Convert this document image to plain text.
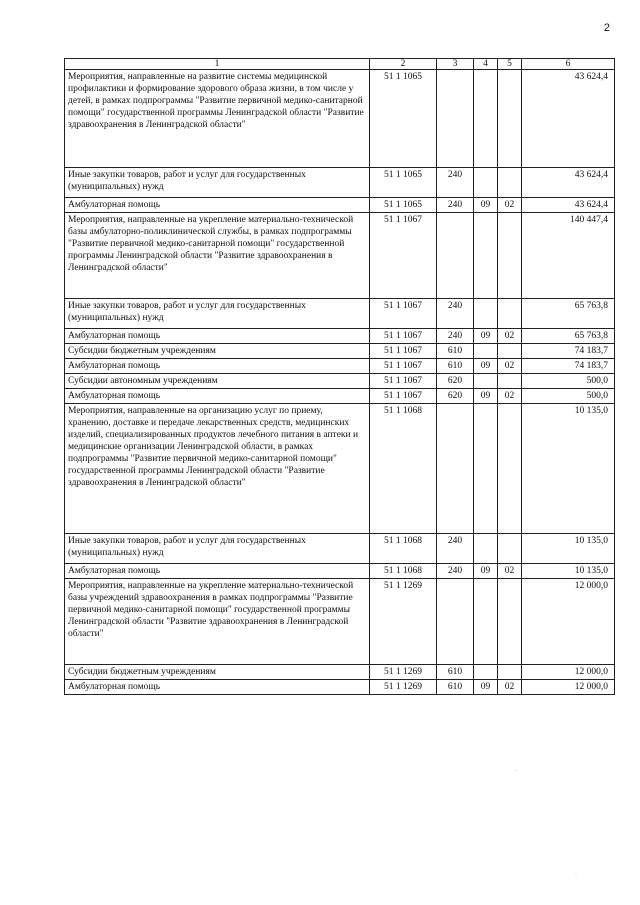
2
1	2	3	4	5	6
Мероприятия, направленные на развитие системы медицинской профилактики и формирование здорового образа жизни, в том числе у детей, в рамках подпрограммы "Развитие первичной медико-санитарной помощи" государственной программы Ленинградской области "Развитие здравоохранения в Ленинградской области"	51 1 1065				43 624,4
Иные закупки товаров, работ и услуг для государственных (муниципальных) нужд	51 1 1065	240			43 624,4
Амбулаторная помощь	51 1 1065	240	09	02	43 624,4
Мероприятия, направленные на укрепление материально-технической базы амбулаторно-поликлинической службы, в рамках подпрограммы "Развитие первичной медико-санитарной помощи" государственной программы Ленинградской области "Развитие здравоохранения в Ленинградской области"	51 1 1067				140 447,4
Иные закупки товаров, работ и услуг для государственных (муниципальных) нужд	51 1 1067	240			65 763,8
Амбулаторная помощь	51 1 1067	240	09	02	65 763,8
Субсидии бюджетным учреждениям	51 1 1067	610			74 183,7
Амбулаторная помощь	51 1 1067	610	09	02	74 183,7
Субсидии автономным учреждениям	51 1 1067	620			500,0
Амбулаторная помощь	51 1 1067	620	09	02	500,0
Мероприятия, направленные на организацию услуг по приему, хранению, доставке и передаче лекарственных средств, медицинских изделий, специализированных продуктов лечебного питания в аптеки и медицинские организации Ленинградской области, в рамках подпрограммы "Развитие первичной медико-санитарной помощи" государственной программы Ленинградской области "Развитие здравоохранения в Ленинградской области"	51 1 1068				10 135,0
Иные закупки товаров, работ и услуг для государственных (муниципальных) нужд	51 1 1068	240			10 135,0
Амбулаторная помощь	51 1 1068	240	09	02	10 135,0
Мероприятия, направленные на укрепление материально-технической базы учреждений здравоохранения в рамках подпрограммы "Развитие первичной медико-санитарной помощи" государственной программы Ленинградской области "Развитие здравоохранения в Ленинградской области"	51 1 1269				12 000,0
Субсидии бюджетным учреждениям	51 1 1269	610			12 000,0
Амбулаторная помощь	51 1 1269	610	09	02	12 000,0
·
·
